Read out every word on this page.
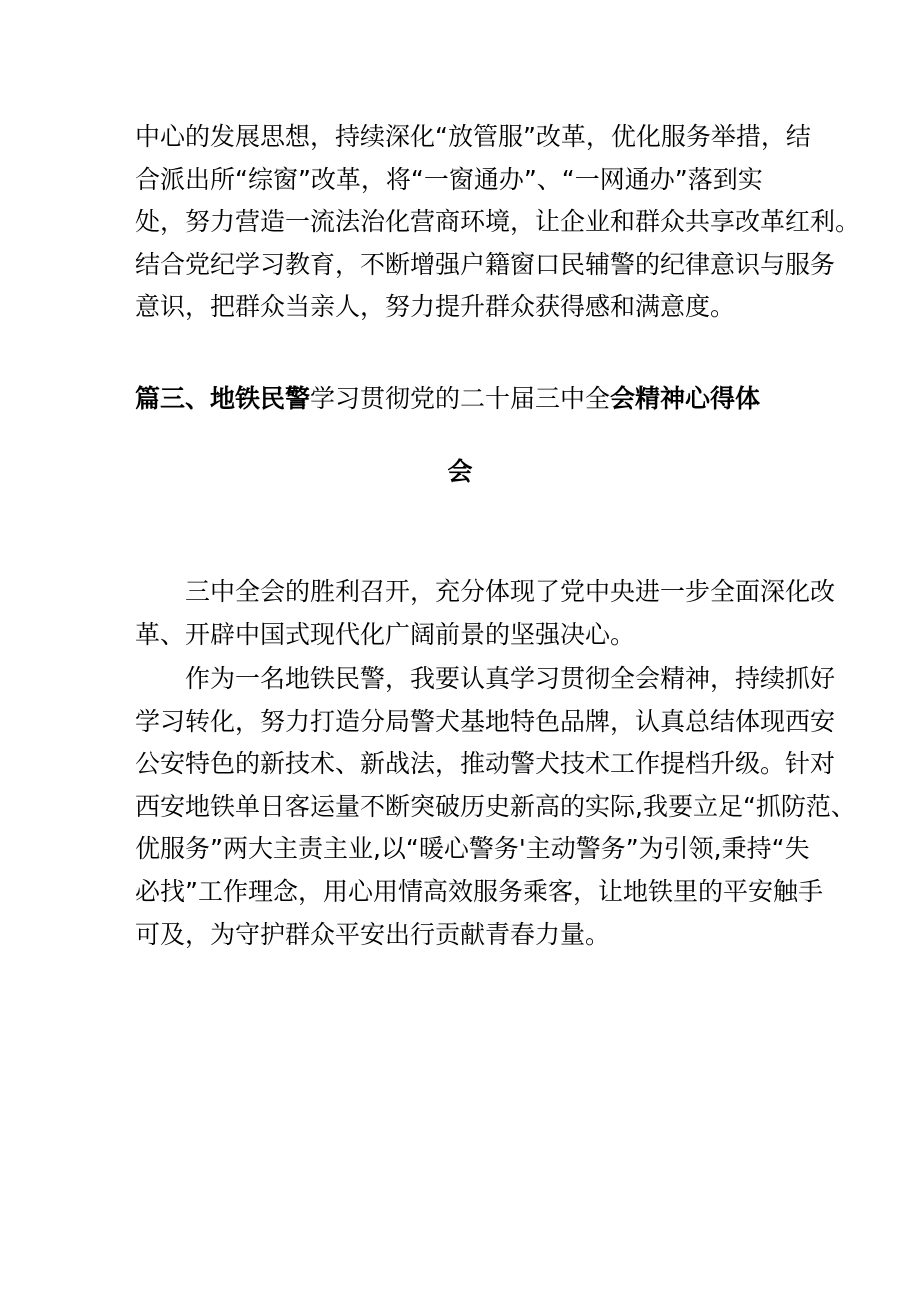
中心的发展思想，持续深化“放管服”改革，优化服务举措，结
合派出所“综窗”改革，将“一窗通办”、“一网通办”落到实
处，努力营造一流法治化营商环境，让企业和群众共享改革红利。
结合党纪学习教育，不断增强户籍窗口民辅警的纪律意识与服务
意识，把群众当亲人，努力提升群众获得感和满意度。
篇三、地铁民警学习贯彻党的二十届三中全会精神心得体
会
三中全会的胜利召开，充分体现了党中央进一步全面深化改
革、开辟中国式现代化广阔前景的坚强决心。
作为一名地铁民警，我要认真学习贯彻全会精神，持续抓好
学习转化，努力打造分局警犬基地特色品牌，认真总结体现西安
公安特色的新技术、新战法，推动警犬技术工作提档升级。针对
西安地铁单日客运量不断突破历史新高的实际,我要立足“抓防范、
优服务”两大主责主业,以“暖心警务'主动警务”为引领,秉持“失
必找”工作理念，用心用情高效服务乘客，让地铁里的平安触手
可及，为守护群众平安出行贡献青春力量。
